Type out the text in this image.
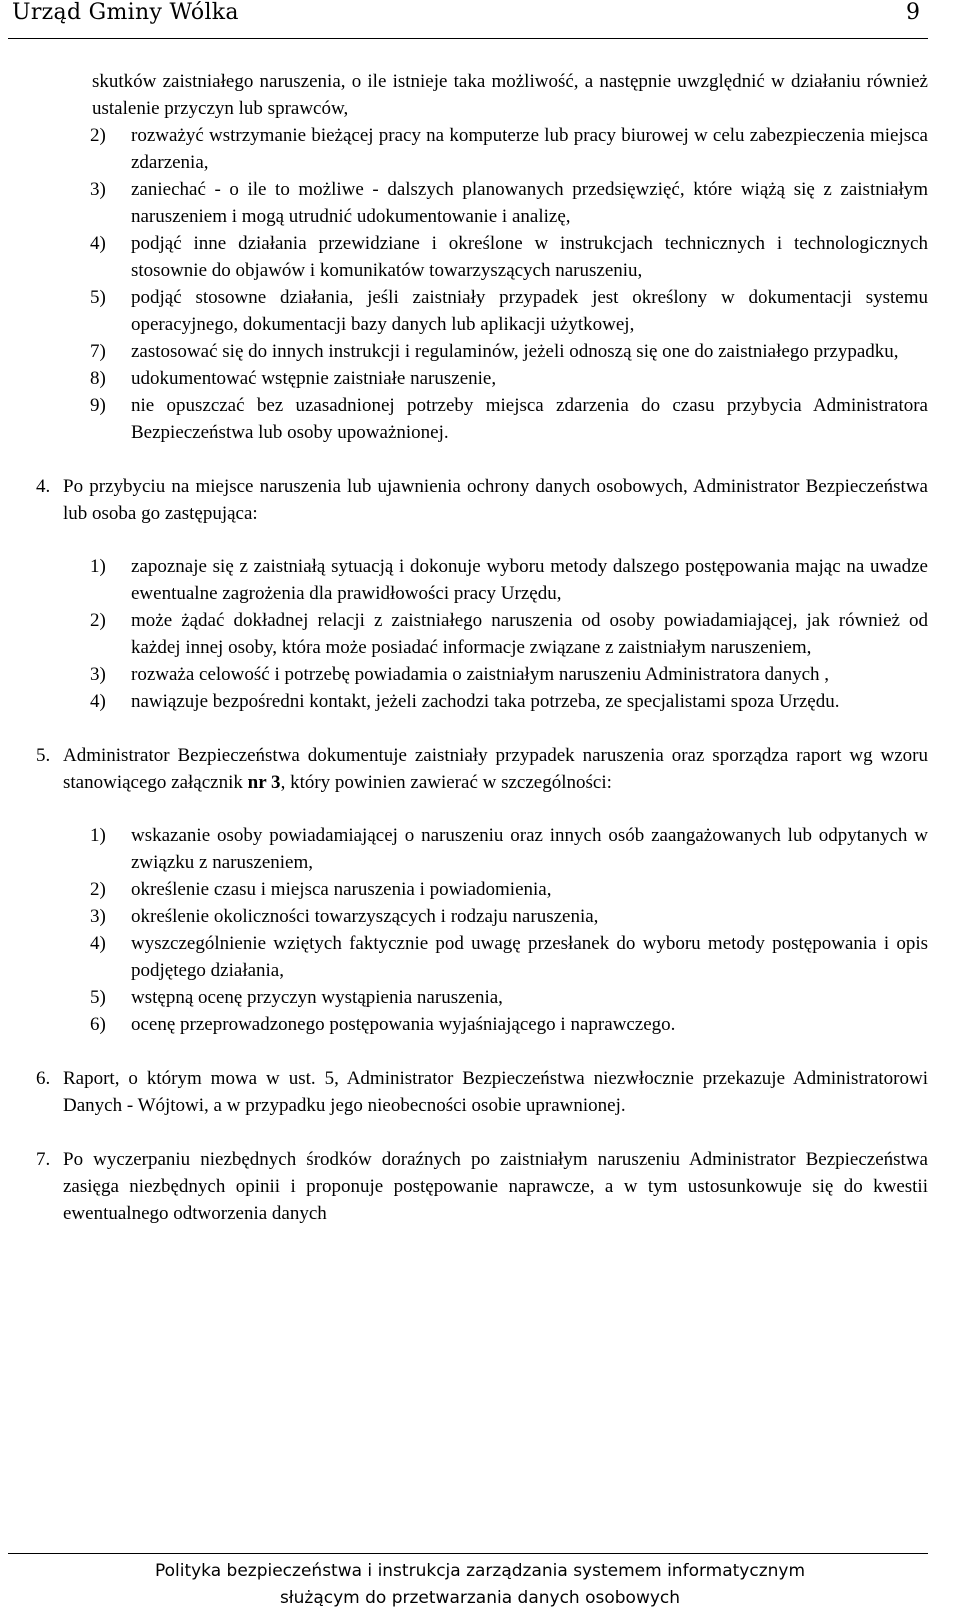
Urząd Gminy Wólka	9
skutków zaistniałego naruszenia, o ile istnieje taka możliwość, a następnie uwzględnić w działaniu również ustalenie przyczyn lub sprawców,
2)	rozważyć wstrzymanie bieżącej pracy na komputerze lub pracy biurowej w celu zabezpieczenia miejsca zdarzenia,
3)	zaniechać - o ile to możliwe - dalszych planowanych przedsięwzięć, które wiążą się z zaistniałym naruszeniem i mogą utrudnić udokumentowanie i analizę,
4)	podjąć inne działania przewidziane i określone w instrukcjach technicznych i technologicznych stosownie do objawów i komunikatów towarzyszących naruszeniu,
5)	podjąć stosowne działania, jeśli zaistniały przypadek jest określony w dokumentacji systemu operacyjnego, dokumentacji bazy danych lub aplikacji użytkowej,
7)	zastosować się do innych instrukcji i regulaminów, jeżeli odnoszą się one do zaistniałego przypadku,
8)	udokumentować wstępnie zaistniałe naruszenie,
9)	nie opuszczać bez uzasadnionej potrzeby miejsca zdarzenia do czasu przybycia Administratora Bezpieczeństwa lub osoby upoważnionej.
4. Po przybyciu na miejsce naruszenia lub ujawnienia ochrony danych osobowych, Administrator Bezpieczeństwa lub osoba go zastępująca:
1)	zapoznaje się z zaistniałą sytuacją i dokonuje wyboru metody dalszego postępowania mając na uwadze ewentualne zagrożenia dla prawidłowości pracy Urzędu,
2)	może żądać dokładnej relacji z zaistniałego naruszenia od osoby powiadamiającej, jak również od każdej innej osoby, która może posiadać informacje związane z zaistniałym naruszeniem,
3)	rozważa celowość i potrzebę powiadamia o zaistniałym naruszeniu Administratora danych ,
4)	nawiązuje bezpośredni kontakt, jeżeli zachodzi taka potrzeba, ze specjalistami spoza Urzędu.
5. Administrator Bezpieczeństwa dokumentuje zaistniały przypadek naruszenia oraz sporządza raport wg wzoru stanowiącego załącznik nr 3, który powinien zawierać w szczególności:
1)	wskazanie osoby powiadamiającej o naruszeniu oraz innych osób zaangażowanych lub odpytanych w związku z naruszeniem,
2)	określenie czasu i miejsca naruszenia i powiadomienia,
3)	określenie okoliczności towarzyszących i rodzaju naruszenia,
4)	wyszczególnienie wziętych faktycznie pod uwagę przesłanek do wyboru metody postępowania i opis podjętego działania,
5)	wstępną ocenę przyczyn wystąpienia naruszenia,
6)	ocenę przeprowadzonego postępowania wyjaśniającego i naprawczego.
6. Raport, o którym mowa w ust. 5, Administrator Bezpieczeństwa niezwłocznie przekazuje Administratorowi Danych - Wójtowi, a w przypadku jego nieobecności osobie uprawnionej.
7. Po wyczerpaniu niezbędnych środków doraźnych po zaistniałym naruszeniu Administrator Bezpieczeństwa zasięga niezbędnych opinii i proponuje postępowanie naprawcze, a w tym ustosunkowuje się do kwestii ewentualnego odtworzenia danych
Polityka bezpieczeństwa i instrukcja zarządzania systemem informatycznym
służącym do przetwarzania danych osobowych
